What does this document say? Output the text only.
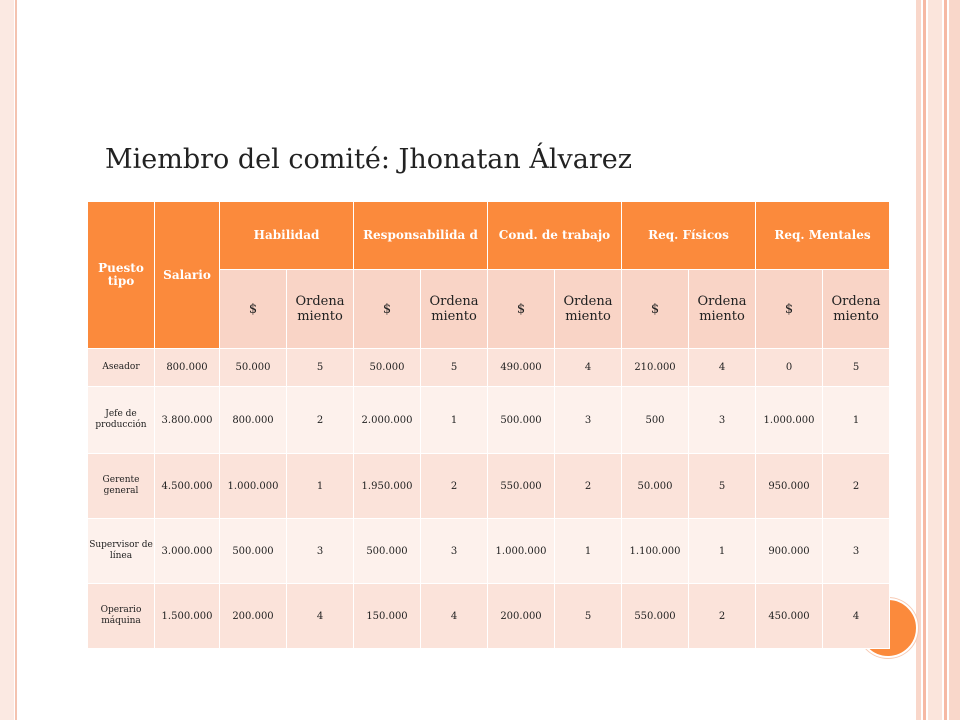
Miembro del comité: Jhonatan Álvarez
Puesto tipo	Salario	Habilidad		Responsabilida d		Cond. de trabajo		Req. Físicos		Req. Mentales	
		$	Ordena miento	$	Ordena miento	$	Ordena miento	$	Ordena miento	$	Ordena miento
Aseador	800.000	50.000	5	50.000	5	490.000	4	210.000	4	0	5
Jefe de producción	3.800.000	800.000	2	2.000.000	1	500.000	3	500	3	1.000.000	1
Gerente general	4.500.000	1.000.000	1	1.950.000	2	550.000	2	50.000	5	950.000	2
Supervisor de línea	3.000.000	500.000	3	500.000	3	1.000.000	1	1.100.000	1	900.000	3
Operario máquina	1.500.000	200.000	4	150.000	4	200.000	5	550.000	2	450.000	4
